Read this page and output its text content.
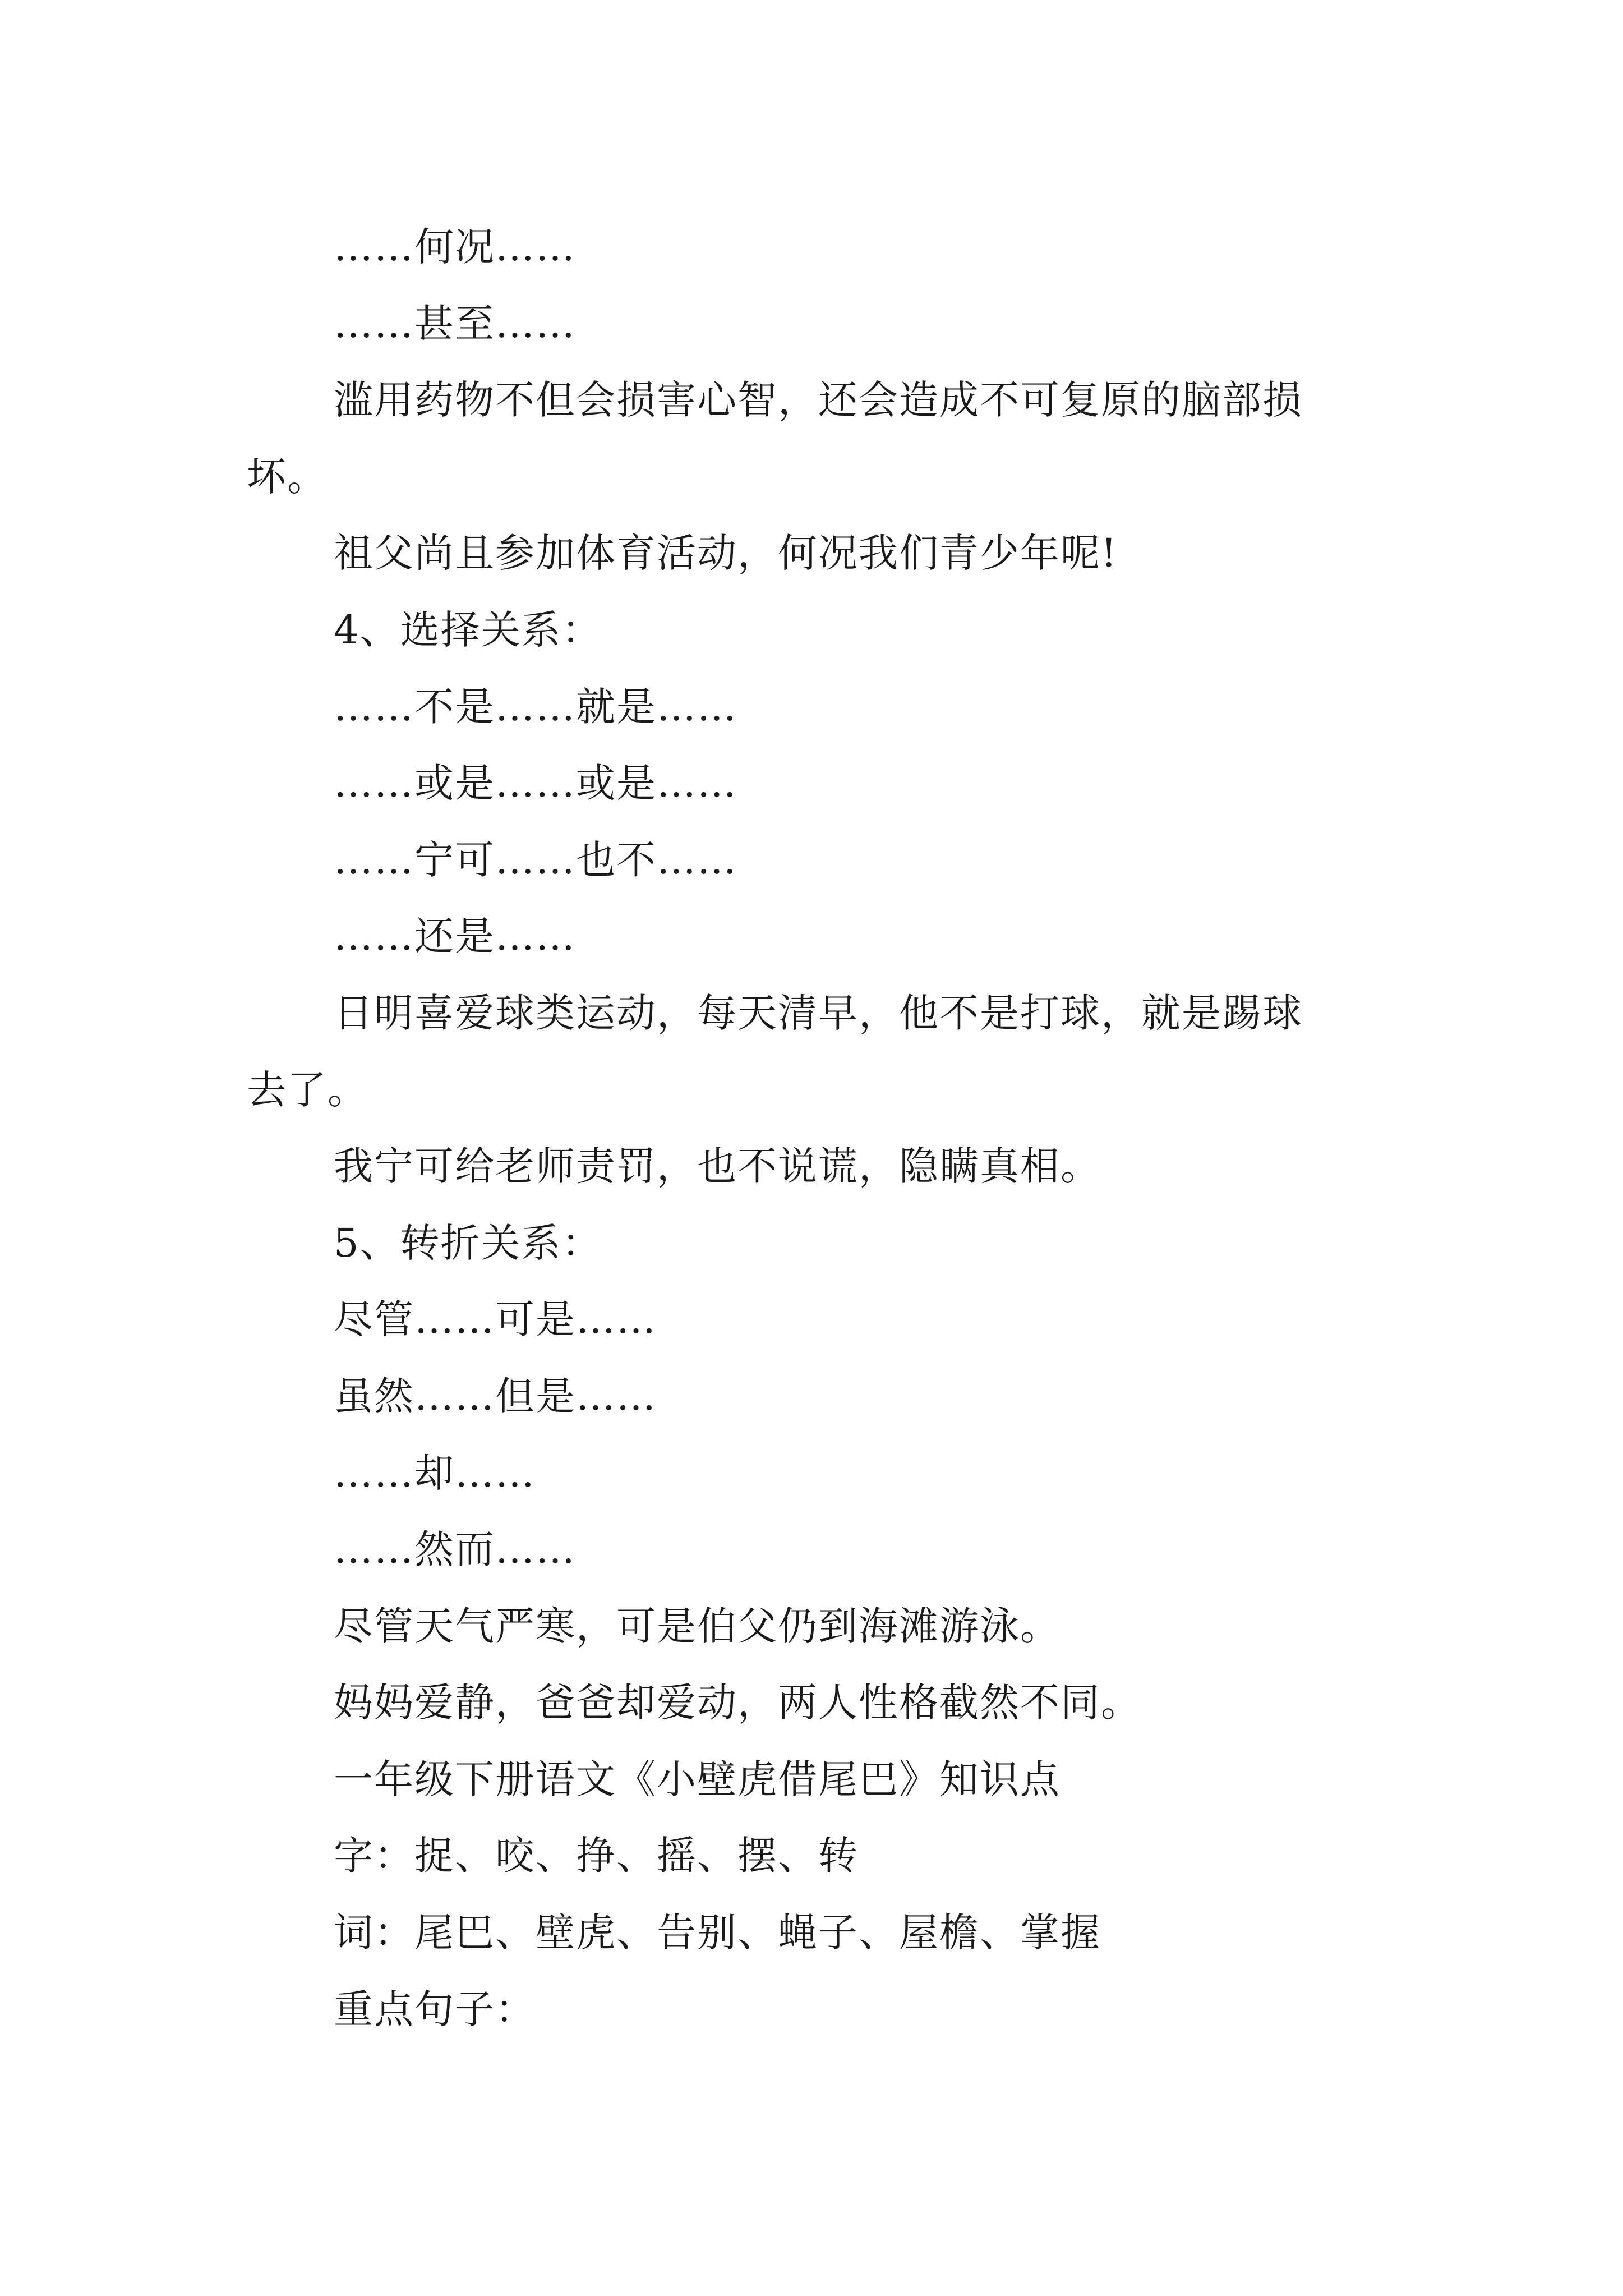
……何况……
……甚至……
滥用药物不但会损害心智，还会造成不可复原的脑部损
坏。
祖父尚且参加体育活动，何况我们青少年呢!
4、选择关系：
……不是……就是……
……或是……或是……
……宁可……也不……
……还是……
日明喜爱球类运动，每天清早，他不是打球，就是踢球
去了。
我宁可给老师责罚，也不说谎，隐瞒真相。
5、转折关系：
尽管……可是……
虽然……但是……
……却……
……然而……
尽管天气严寒，可是伯父仍到海滩游泳。
妈妈爱静，爸爸却爱动，两人性格截然不同。
一年级下册语文《小壁虎借尾巴》知识点
字：捉、咬、挣、摇、摆、转
词：尾巴、壁虎、告别、蝇子、屋檐、掌握
重点句子：
